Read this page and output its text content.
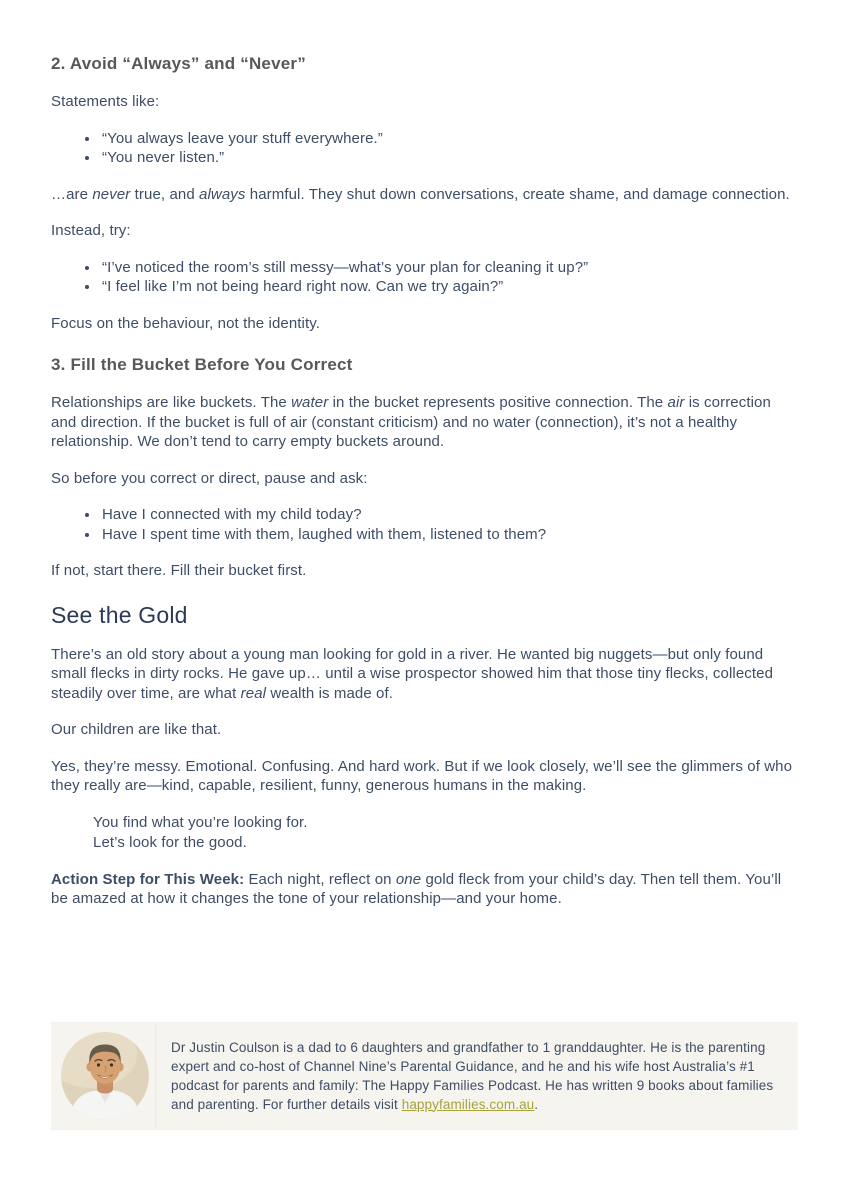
2. Avoid “Always” and “Never”

Statements like:

• “You always leave your stuff everywhere.”
• “You never listen.”

…are never true, and always harmful. They shut down conversations, create shame, and damage connection.

Instead, try:

• “I’ve noticed the room’s still messy—what’s your plan for cleaning it up?”
• “I feel like I’m not being heard right now. Can we try again?”

Focus on the behaviour, not the identity.

3. Fill the Bucket Before You Correct

Relationships are like buckets. The water in the bucket represents positive connection. The air is correction and direction. If the bucket is full of air (constant criticism) and no water (connection), it’s not a healthy relationship. We don’t tend to carry empty buckets around.

So before you correct or direct, pause and ask:

• Have I connected with my child today?
• Have I spent time with them, laughed with them, listened to them?

If not, start there. Fill their bucket first.

See the Gold

There’s an old story about a young man looking for gold in a river. He wanted big nuggets—but only found small flecks in dirty rocks. He gave up… until a wise prospector showed him that those tiny flecks, collected steadily over time, are what real wealth is made of.

Our children are like that.

Yes, they’re messy. Emotional. Confusing. And hard work. But if we look closely, we’ll see the glimmers of who they really are—kind, capable, resilient, funny, generous humans in the making.

You find what you’re looking for.
Let’s look for the good.

Action Step for This Week: Each night, reflect on one gold fleck from your child’s day. Then tell them. You’ll be amazed at how it changes the tone of your relationship—and your home.

Dr Justin Coulson is a dad to 6 daughters and grandfather to 1 granddaughter. He is the parenting expert and co-host of Channel Nine’s Parental Guidance, and he and his wife host Australia’s #1 podcast for parents and family: The Happy Families Podcast. He has written 9 books about families and parenting. For further details visit happyfamilies.com.au.
